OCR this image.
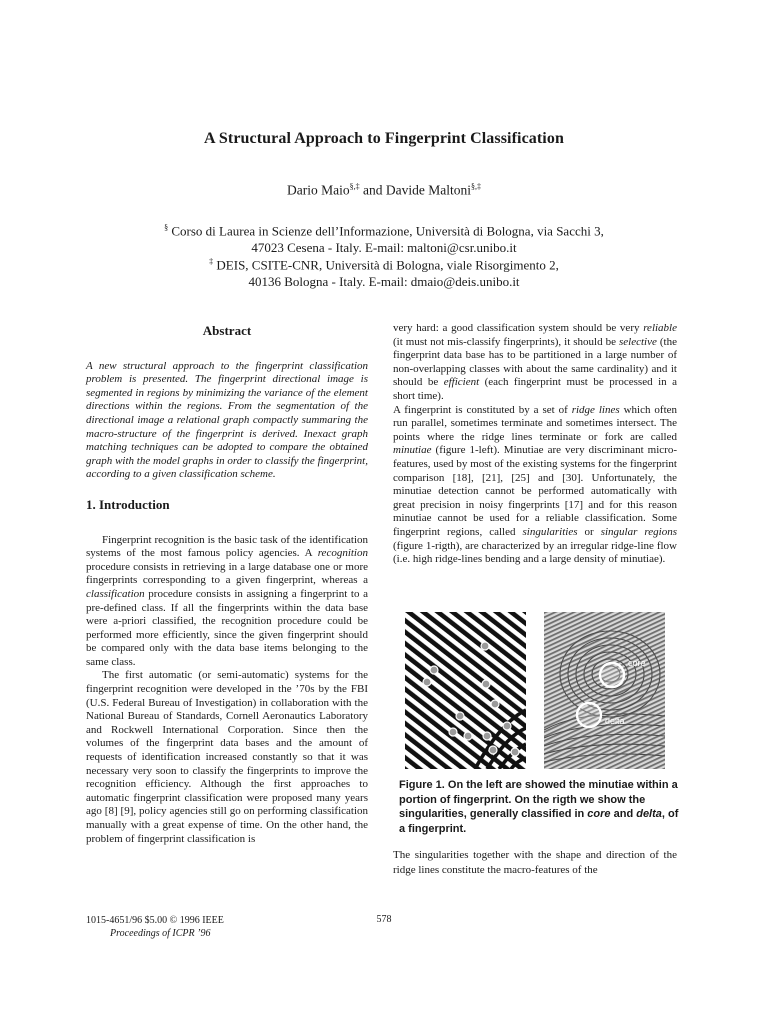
A Structural Approach to Fingerprint Classification
Dario Maio§,‡ and Davide Maltoni§,‡
§ Corso di Laurea in Scienze dell’Informazione, Università di Bologna, via Sacchi 3,
47023 Cesena - Italy. E-mail: maltoni@csr.unibo.it
‡ DEIS, CSITE-CNR, Università di Bologna, viale Risorgimento 2,
40136 Bologna - Italy. E-mail: dmaio@deis.unibo.it
Abstract

A new structural approach to the fingerprint classification problem is presented. The fingerprint directional image is segmented in regions by minimizing the variance of the element directions within the regions. From the segmentation of the directional image a relational graph compactly summaring the macro-structure of the fingerprint is derived. Inexact graph matching techniques can be adopted to compare the obtained graph with the model graphs in order to classify the fingerprint, according to a given classification scheme.

1. Introduction

Fingerprint recognition is the basic task of the identification systems of the most famous policy agencies. A recognition procedure consists in retrieving in a large database one or more fingerprints corresponding to a given fingerprint, whereas a classification procedure consists in assigning a fingerprint to a pre-defined class. If all the fingerprints within the data base were a-priori classified, the recognition procedure could be performed more efficiently, since the given fingerprint should be compared only with the data base items belonging to the same class.

The first automatic (or semi-automatic) systems for the fingerprint recognition were developed in the ’70s by the FBI (U.S. Federal Bureau of Investigation) in collaboration with the National Bureau of Standards, Cornell Aeronautics Laboratory and Rockwell International Corporation. Since then the volumes of the fingerprint data bases and the amount of requests of identification increased constantly so that it was necessary very soon to classify the fingerprints to improve the recognition efficiency. Although the first approaches to automatic fingerprint classification were proposed many years ago [8] [9], policy agencies still go on performing classification manually with a great expense of time. On the other hand, the problem of fingerprint classification is

very hard: a good classification system should be very reliable (it must not mis-classify fingerprints), it should be selective (the fingerprint data base has to be partitioned in a large number of non-overlapping classes with about the same cardinality) and it should be efficient (each fingerprint must be processed in a short time).

A fingerprint is constituted by a set of ridge lines which often run parallel, sometimes terminate and sometimes intersect. The points where the ridge lines terminate or fork are called minutiae (figure 1-left). Minutiae are very discriminant micro-features, used by most of the existing systems for the fingerprint comparison [18], [21], [25] and [30]. Unfortunately, the minutiae detection cannot be performed automatically with great precision in noisy fingerprints [17] and for this reason minutiae cannot be used for a reliable classification. Some fingerprint regions, called singularities or singular regions (figure 1-rigth), are characterized by an irregular ridge-line flow (i.e. high ridge-lines bending and a large density of minutiae).

core
delta
Figure 1. On the left are showed the minutiae within a portion of fingerprint. On the rigth we show the singularities, generally classified in core and delta, of a fingerprint.

The singularities together with the shape and direction of the ridge lines constitute the macro-features of the

1015-4651/96 $5.00 © 1996 IEEE
Proceedings of ICPR ’96
578
